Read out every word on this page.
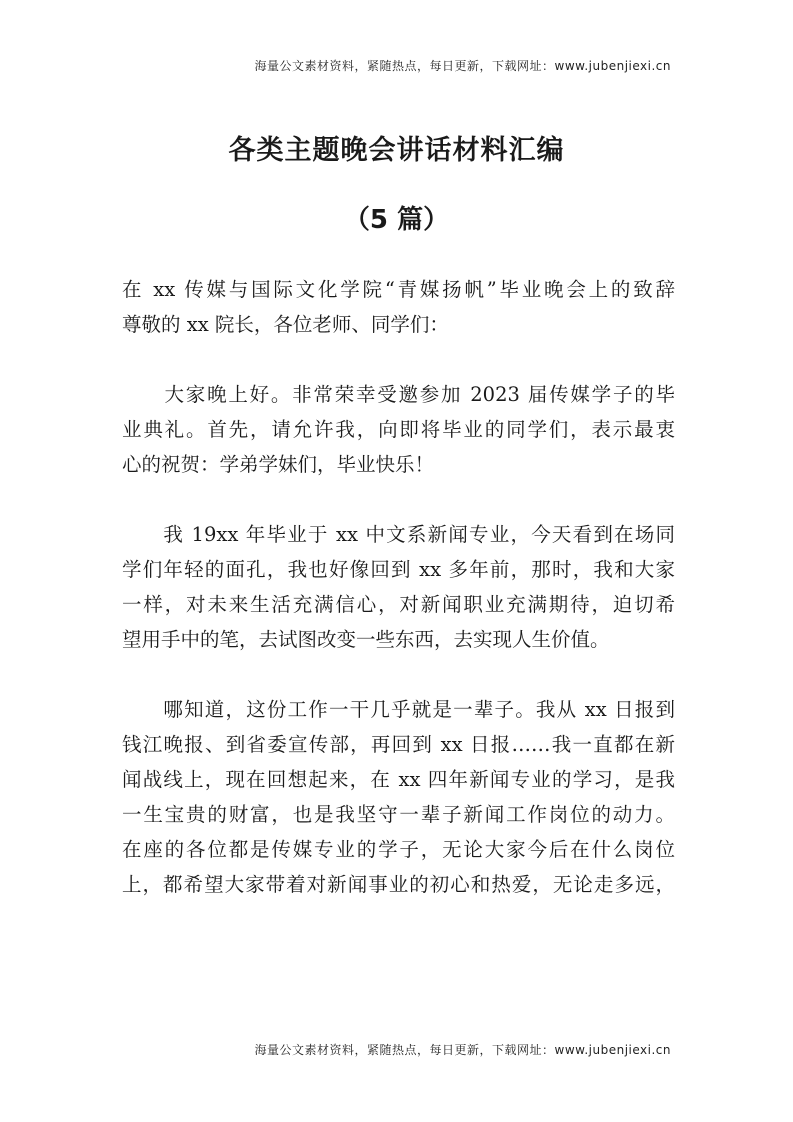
海量公文素材资料，紧随热点，每日更新，下载网址：www.jubenjiexi.cn
各类主题晚会讲话材料汇编
（5 篇）

在 xx 传媒与国际文化学院“青媒扬帆”毕业晚会上的致辞

尊敬的 xx 院长，各位老师、同学们：

　　大家晚上好。非常荣幸受邀参加 2023 届传媒学子的毕

业典礼。首先，请允许我，向即将毕业的同学们，表示最衷

心的祝贺：学弟学妹们，毕业快乐！

　　我 19xx 年毕业于 xx 中文系新闻专业，今天看到在场同

学们年轻的面孔，我也好像回到 xx 多年前，那时，我和大家

一样，对未来生活充满信心，对新闻职业充满期待，迫切希

望用手中的笔，去试图改变一些东西，去实现人生价值。

　　哪知道，这份工作一干几乎就是一辈子。我从 xx 日报到

钱江晚报、到省委宣传部，再回到 xx 日报……我一直都在新

闻战线上，现在回想起来，在 xx 四年新闻专业的学习，是我

一生宝贵的财富，也是我坚守一辈子新闻工作岗位的动力。

在座的各位都是传媒专业的学子，无论大家今后在什么岗位

上，都希望大家带着对新闻事业的初心和热爱，无论走多远，

海量公文素材资料，紧随热点，每日更新，下载网址：www.jubenjiexi.cn
